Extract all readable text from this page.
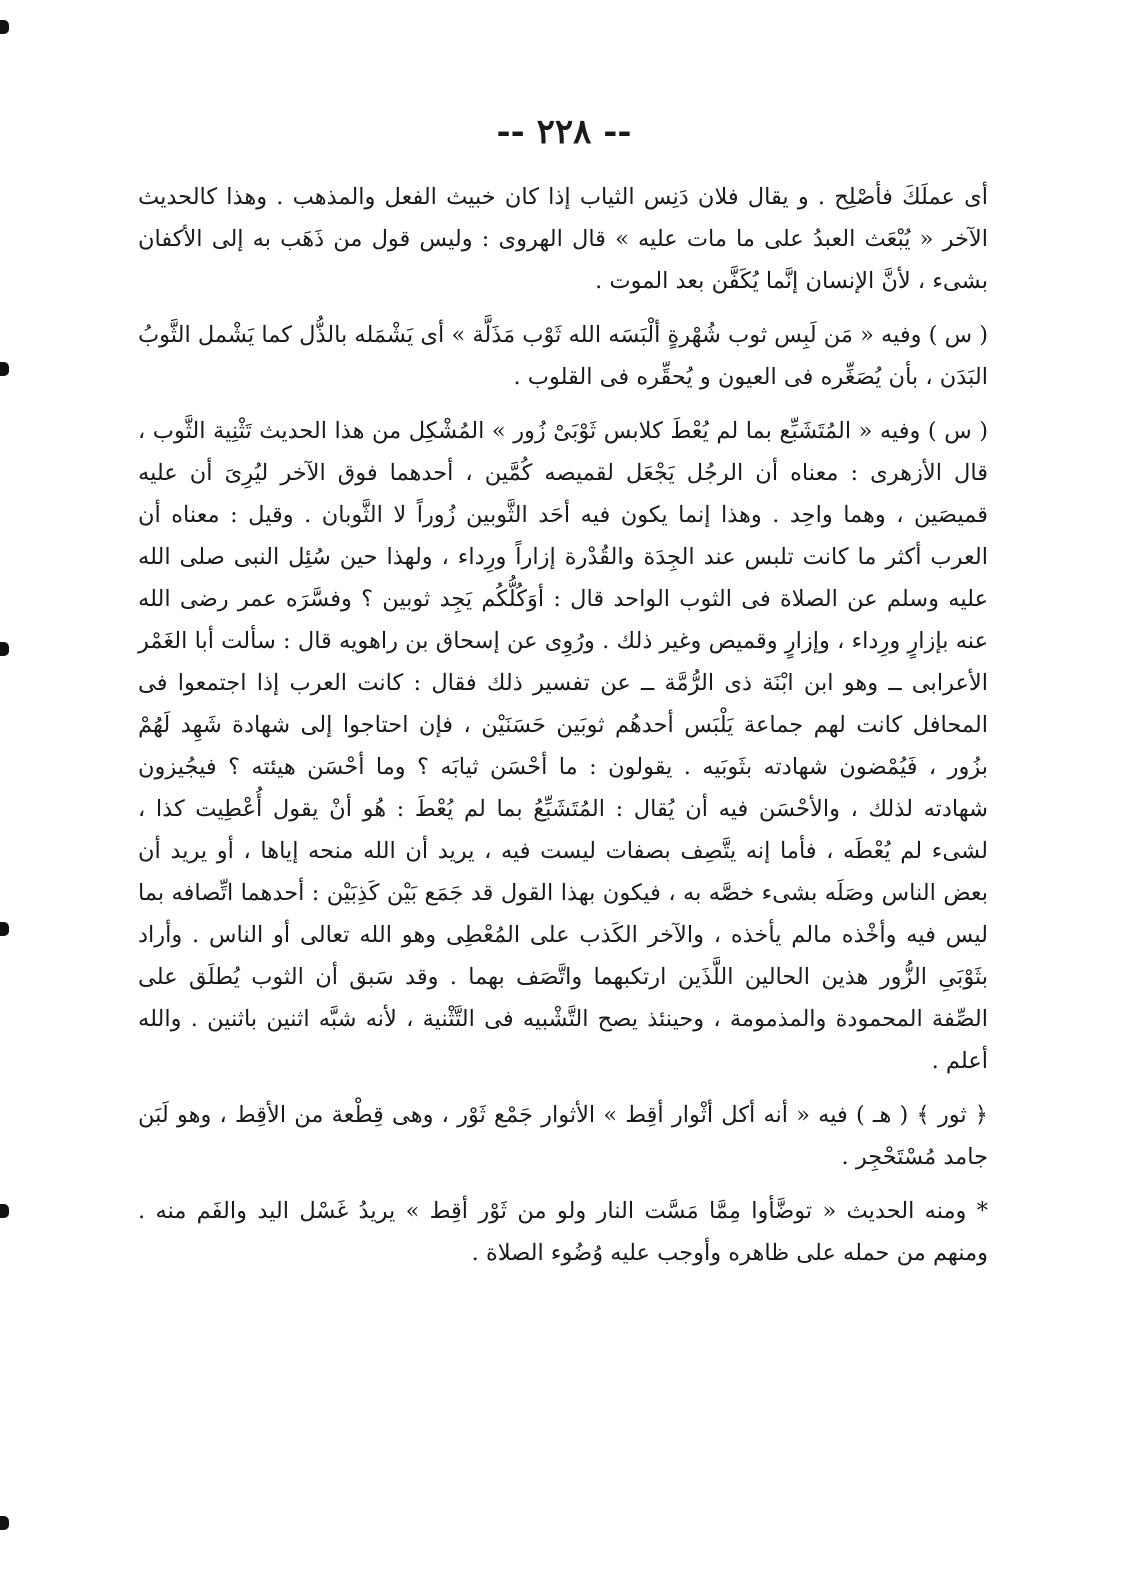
-- ٢٢٨ --

أى عملَكَ فأصْلِح . و يقال فلان دَنِس الثياب إذا كان خبيث الفعل والمذهب . وهذا كالحديث الآخر « يُبْعَث العبدُ على ما مات عليه » قال الهروى : وليس قول من ذَهَب به إلى الأكفان بشىء ، لأنَّ الإنسان إنَّما يُكَفَّن بعد الموت .

( س ) وفيه « مَن لَبِس ثوب شُهْرةٍ ألْبَسَه الله ثَوْب مَذَلَّة » أى يَشْمَله بالذُّل كما يَشْمل الثَّوبُ البَدَن ، بأن يُصَغِّره فى العيون و يُحقِّره فى القلوب .

( س ) وفيه « المُتَشَبِّع بما لم يُعْطَ كلابس ثَوْبَىْ زُور » المُشْكِل من هذا الحديث تَثْنِية الثَّوب ، قال الأزهرى : معناه أن الرجُل يَجْعَل لقميصه كُمَّين ، أحدهما فوق الآخر ليُرِىَ أن عليه قميصَين ، وهما واحِد . وهذا إنما يكون فيه أحَد الثَّوبين زُوراً لا الثَّوبان . وقيل : معناه أن العرب أكثر ما كانت تلبس عند الجِدَة والقُدْرة إزاراً ورِداء ، ولهذا حين سُئِل النبى صلى الله عليه وسلم عن الصلاة فى الثوب الواحد قال : أوَكُلُّكُم يَجِد ثوبين ؟ وفسَّرَه عمر رضى الله عنه بإزارٍ ورِداء ، وإزارٍ وقميص وغير ذلك . ورُوِى عن إسحاق بن راهويه قال : سألت أبا الغَمْر الأعرابى ــ وهو ابن ابْنَة ذى الرُّمَّة ــ عن تفسير ذلك فقال : كانت العرب إذا اجتمعوا فى المحافل كانت لهم جماعة يَلْبَس أحدهُم ثوبَين حَسَنَيْن ، فإن احتاجوا إلى شهادة شَهِد لَهُمْ بزُور ، فَيُمْضون شهادته بثَوبَيه . يقولون : ما أحْسَن ثيابَه ؟ وما أحْسَن هيئته ؟ فيجُيزون شهادته لذلك ، والأحْسَن فيه أن يُقال : المُتَشَبِّعُ بما لم يُعْطَ : هُو أنْ يقول أُعْطِيت كذا ، لشىء لم يُعْطَه ، فأما إنه يتَّصِف بصفات ليست فيه ، يريد أن الله منحه إياها ، أو يريد أن بعض الناس وصَلَه بشىء خصَّه به ، فيكون بهذا القول قد جَمَع بَيْن كَذِبَيْن : أحدهما اتِّصافه بما ليس فيه وأخْذه مالم يأخذه ، والآخر الكَذب على المُعْطِى وهو الله تعالى أو الناس . وأراد بثَوْبَىِ الزُّور هذين الحالين اللَّذَين ارتكبهما واتَّصَف بهما . وقد سَبق أن الثوب يُطلَق على الصِّفة المحمودة والمذمومة ، وحينئذ يصح التَّشْبيه فى التَّثْنية ، لأنه شبَّه اثنين باثنين . والله أعلم .

﴿ ثور ﴾ ( هـ ) فيه « أنه أكل أثْوار أقِط » الأثوار جَمْع ثَوْر ، وهى قِطْعة من الأقِط ، وهو لَبَن جامد مُسْتَحْجِر .

* ومنه الحديث « توضَّأوا مِمَّا مَسَّت النار ولو من ثَوْر أقِط » يريدُ غَسْل اليد والفَم منه . ومنهم من حمله على ظاهره وأوجب عليه وُضُوء الصلاة .
